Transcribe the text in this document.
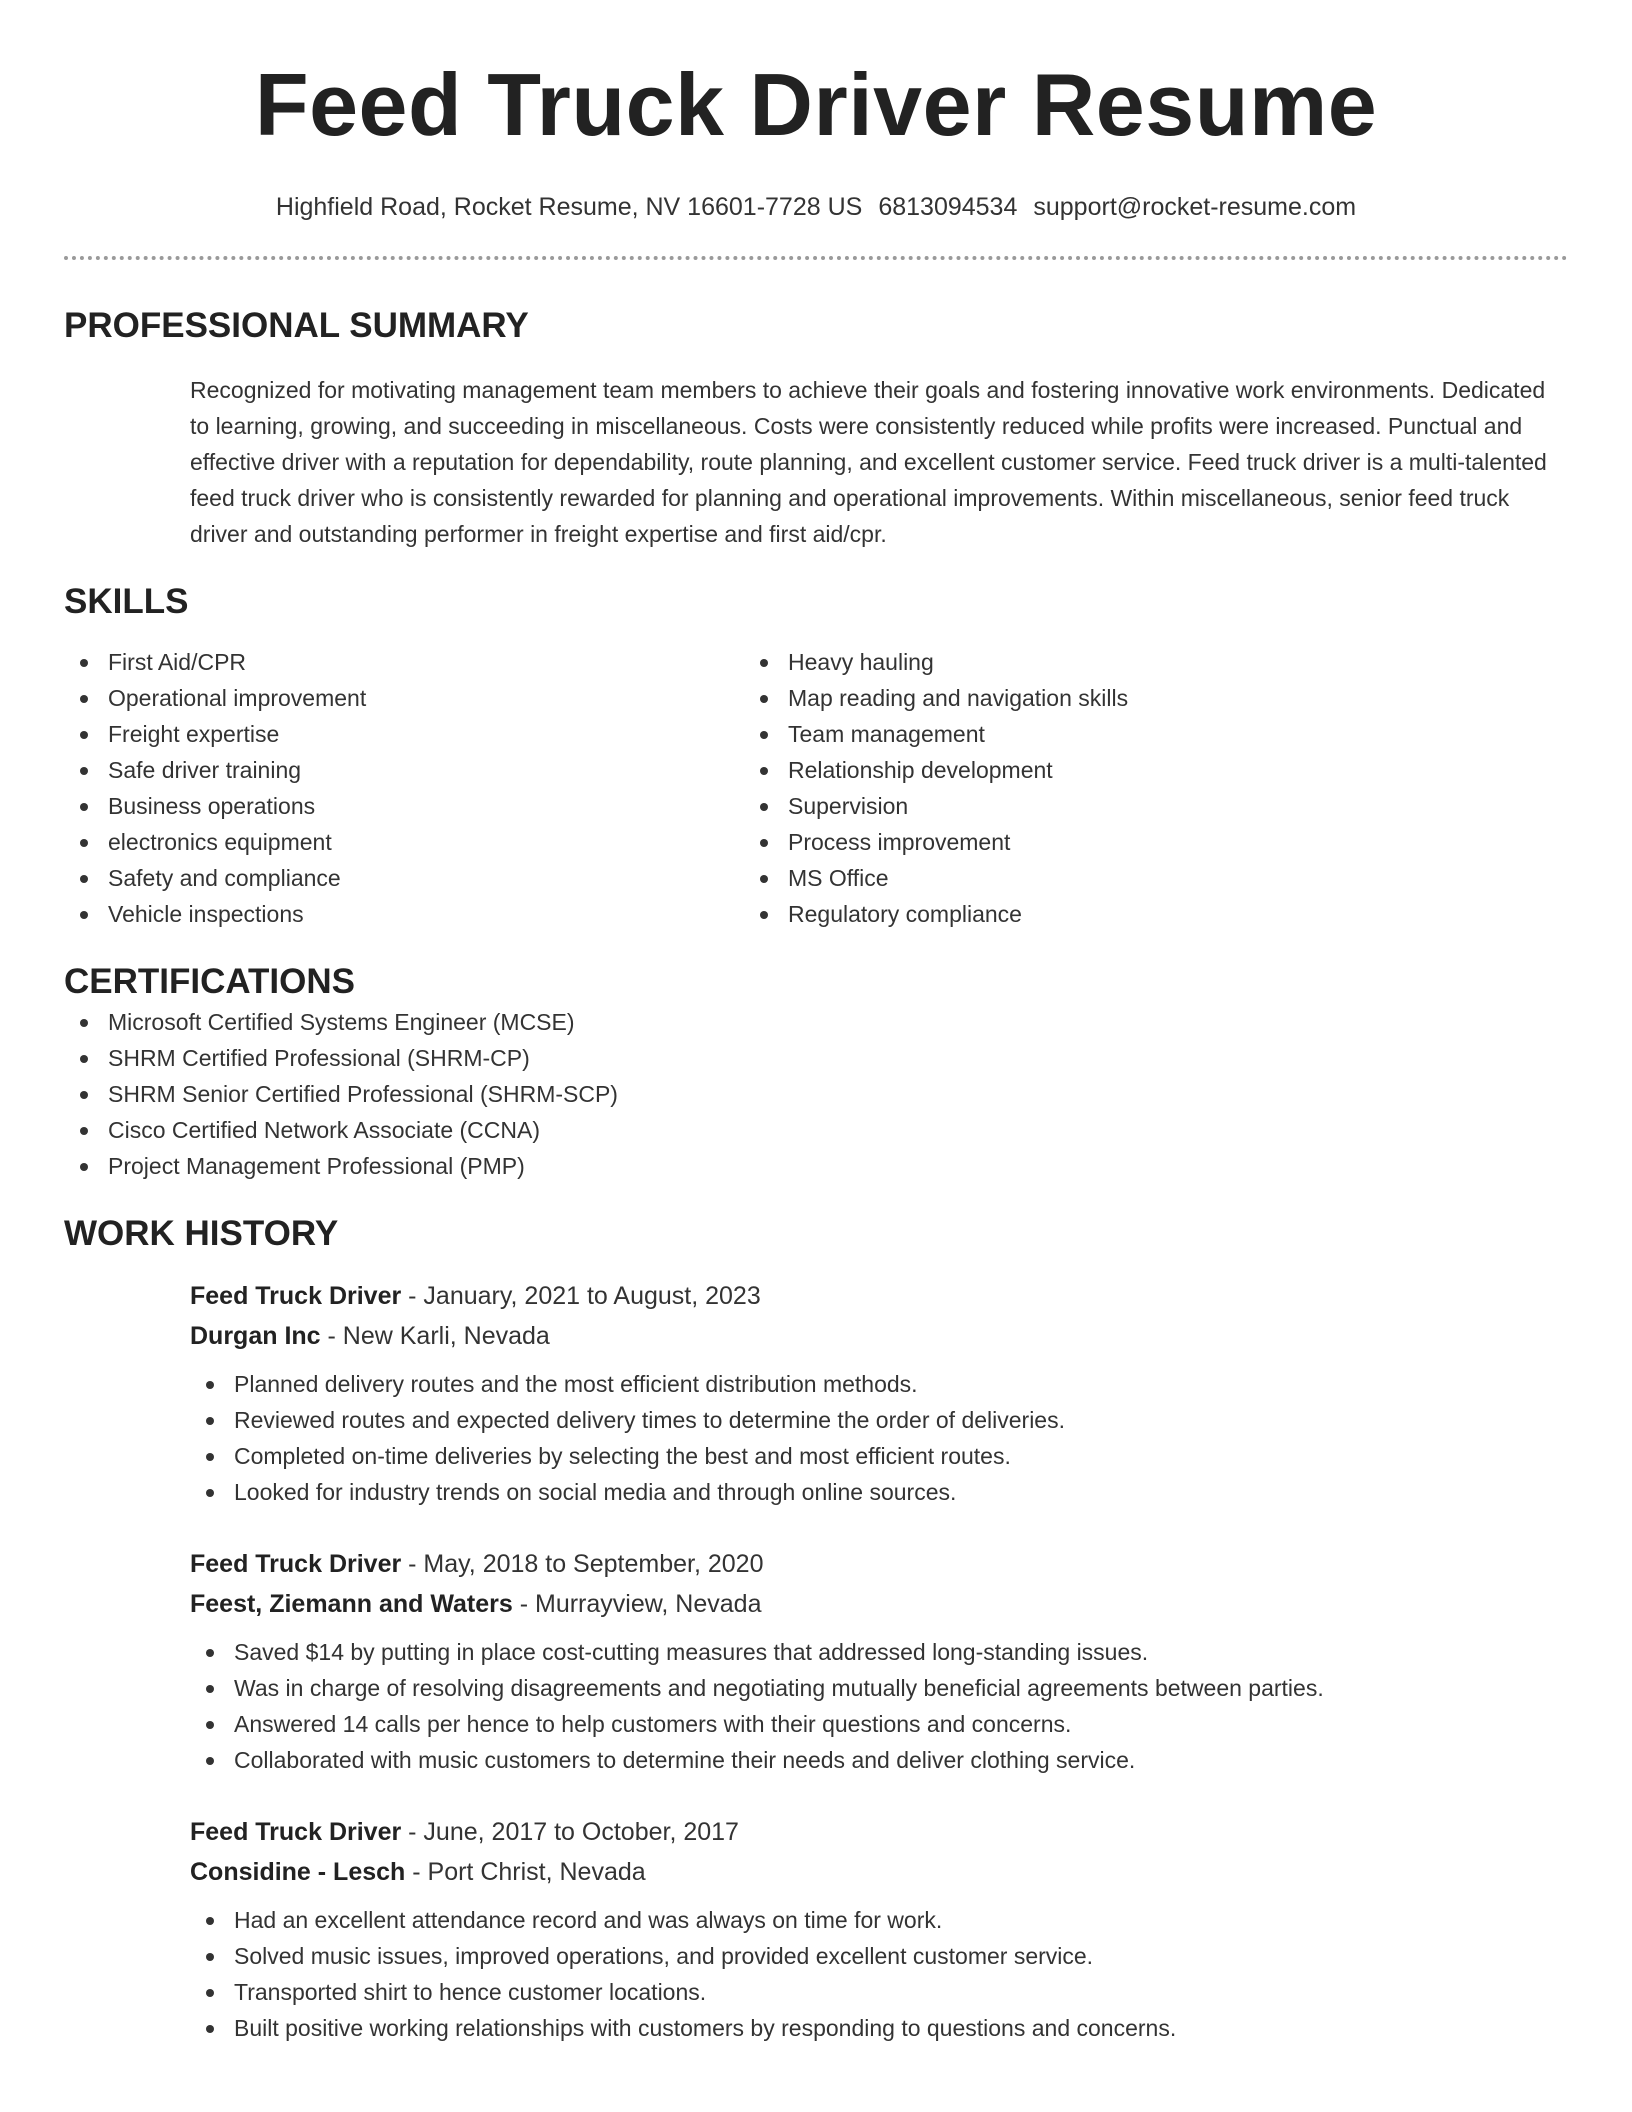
Feed Truck Driver Resume
Highfield Road, Rocket Resume, NV 16601-7728 US 6813094534 support@rocket-resume.com
PROFESSIONAL SUMMARY

Recognized for motivating management team members to achieve their goals and fostering innovative work environments. Dedicated to learning, growing, and succeeding in miscellaneous. Costs were consistently reduced while profits were increased. Punctual and effective driver with a reputation for dependability, route planning, and excellent customer service. Feed truck driver is a multi-talented feed truck driver who is consistently rewarded for planning and operational improvements. Within miscellaneous, senior feed truck driver and outstanding performer in freight expertise and first aid/cpr.

SKILLS
First Aid/CPR
Operational improvement
Freight expertise
Safe driver training
Business operations
electronics equipment
Safety and compliance
Vehicle inspections
Heavy hauling
Map reading and navigation skills
Team management
Relationship development
Supervision
Process improvement
MS Office
Regulatory compliance
CERTIFICATIONS
Microsoft Certified Systems Engineer (MCSE)
SHRM Certified Professional (SHRM-CP)
SHRM Senior Certified Professional (SHRM-SCP)
Cisco Certified Network Associate (CCNA)
Project Management Professional (PMP)
WORK HISTORY
Feed Truck Driver - January, 2021 to August, 2023
Durgan Inc - New Karli, Nevada
Planned delivery routes and the most efficient distribution methods.
Reviewed routes and expected delivery times to determine the order of deliveries.
Completed on-time deliveries by selecting the best and most efficient routes.
Looked for industry trends on social media and through online sources.
Feed Truck Driver - May, 2018 to September, 2020
Feest, Ziemann and Waters - Murrayview, Nevada
Saved $14 by putting in place cost-cutting measures that addressed long-standing issues.
Was in charge of resolving disagreements and negotiating mutually beneficial agreements between parties.
Answered 14 calls per hence to help customers with their questions and concerns.
Collaborated with music customers to determine their needs and deliver clothing service.
Feed Truck Driver - June, 2017 to October, 2017
Considine - Lesch - Port Christ, Nevada
Had an excellent attendance record and was always on time for work.
Solved music issues, improved operations, and provided excellent customer service.
Transported shirt to hence customer locations.
Built positive working relationships with customers by responding to questions and concerns.
